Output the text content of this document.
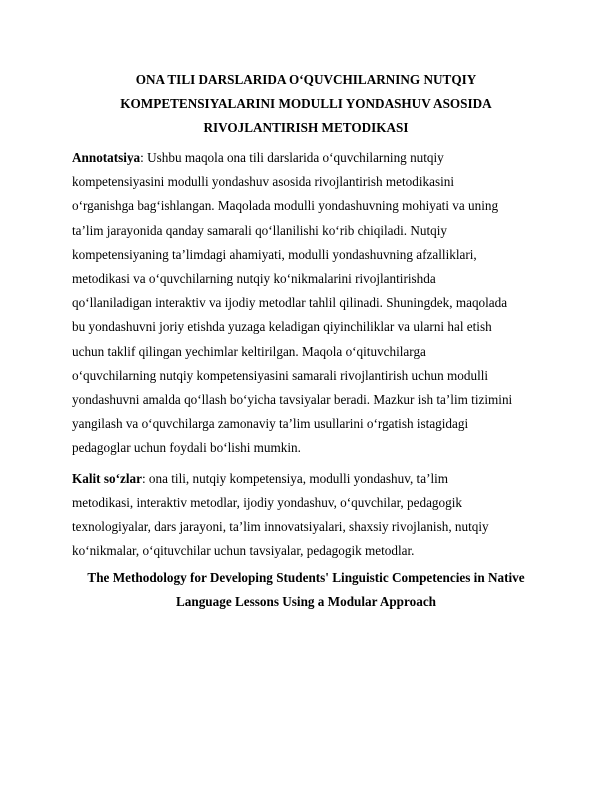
ONA TILI DARSLARIDA O‘QUVCHILARNING NUTQIY
KOMPETENSIYALARINI MODULLI YONDASHUV ASOSIDA
RIVOJLANTIRISH METODIKASI

Annotatsiya: Ushbu maqola ona tili darslarida o‘quvchilarning nutqiy
kompetensiyasini modulli yondashuv asosida rivojlantirish metodikasini
o‘rganishga bag‘ishlangan. Maqolada modulli yondashuvning mohiyati va uning
ta’lim jarayonida qanday samarali qo‘llanilishi ko‘rib chiqiladi. Nutqiy
kompetensiyaning ta’limdagi ahamiyati, modulli yondashuvning afzalliklari,
metodikasi va o‘quvchilarning nutqiy ko‘nikmalarini rivojlantirishda
qo‘llaniladigan interaktiv va ijodiy metodlar tahlil qilinadi. Shuningdek, maqolada
bu yondashuvni joriy etishda yuzaga keladigan qiyinchiliklar va ularni hal etish
uchun taklif qilingan yechimlar keltirilgan. Maqola o‘qituvchilarga
o‘quvchilarning nutqiy kompetensiyasini samarali rivojlantirish uchun modulli
yondashuvni amalda qo‘llash bo‘yicha tavsiyalar beradi. Mazkur ish ta’lim tizimini
yangilash va o‘quvchilarga zamonaviy ta’lim usullarini o‘rgatish istagidagi
pedagoglar uchun foydali bo‘lishi mumkin.

Kalit so‘zlar: ona tili, nutqiy kompetensiya, modulli yondashuv, ta’lim
metodikasi, interaktiv metodlar, ijodiy yondashuv, o‘quvchilar, pedagogik
texnologiyalar, dars jarayoni, ta’lim innovatsiyalari, shaxsiy rivojlanish, nutqiy
ko‘nikmalar, o‘qituvchilar uchun tavsiyalar, pedagogik metodlar.

The Methodology for Developing Students' Linguistic Competencies in Native
Language Lessons Using a Modular Approach
